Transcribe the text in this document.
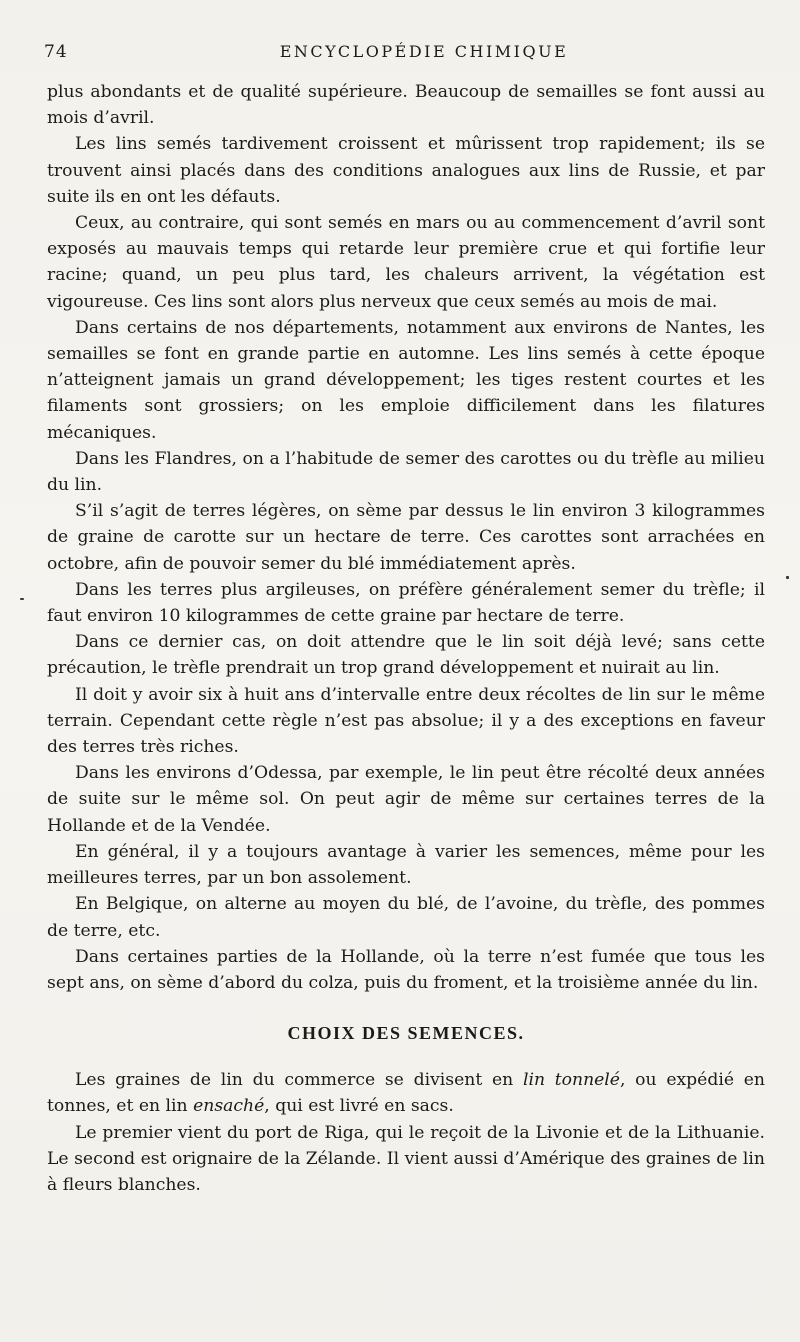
74	ENCYCLOPÉDIE CHIMIQUE

plus abondants et de qualité supérieure. Beaucoup de semailles se font aussi au mois d’avril.

Les lins semés tardivement croissent et mûrissent trop rapidement; ils se trouvent ainsi placés dans des conditions analogues aux lins de Russie, et par suite ils en ont les défauts.

Ceux, au contraire, qui sont semés en mars ou au commencement d’avril sont exposés au mauvais temps qui retarde leur première crue et qui fortifie leur racine; quand, un peu plus tard, les chaleurs arrivent, la végétation est vigoureuse. Ces lins sont alors plus nerveux que ceux semés au mois de mai.

Dans certains de nos départements, notamment aux environs de Nantes, les semailles se font en grande partie en automne. Les lins semés à cette époque n’atteignent jamais un grand développement; les tiges restent courtes et les filaments sont grossiers; on les emploie difficilement dans les filatures mécaniques.

Dans les Flandres, on a l’habitude de semer des carottes ou du trèfle au milieu du lin.

S’il s’agit de terres légères, on sème par dessus le lin environ 3 kilogrammes de graine de carotte sur un hectare de terre. Ces carottes sont arrachées en octobre, afin de pouvoir semer du blé immédiatement après.

Dans les terres plus argileuses, on préfère généralement semer du trèfle; il faut environ 10 kilogrammes de cette graine par hectare de terre.

Dans ce dernier cas, on doit attendre que le lin soit déjà levé; sans cette précaution, le trèfle prendrait un trop grand développement et nuirait au lin.

Il doit y avoir six à huit ans d’intervalle entre deux récoltes de lin sur le même terrain. Cependant cette règle n’est pas absolue; il y a des exceptions en faveur des terres très riches.

Dans les environs d’Odessa, par exemple, le lin peut être récolté deux années de suite sur le même sol. On peut agir de même sur certaines terres de la Hollande et de la Vendée.

En général, il y a toujours avantage à varier les semences, même pour les meilleures terres, par un bon assolement.

En Belgique, on alterne au moyen du blé, de l’avoine, du trèfle, des pommes de terre, etc.

Dans certaines parties de la Hollande, où la terre n’est fumée que tous les sept ans, on sème d’abord du colza, puis du froment, et la troisième année du lin.

CHOIX DES SEMENCES.

Les graines de lin du commerce se divisent en lin tonnelé, ou expédié en tonnes, et en lin ensaché, qui est livré en sacs.

Le premier vient du port de Riga, qui le reçoit de la Livonie et de la Lithuanie. Le second est orignaire de la Zélande. Il vient aussi d’Amérique des graines de lin à fleurs blanches.
